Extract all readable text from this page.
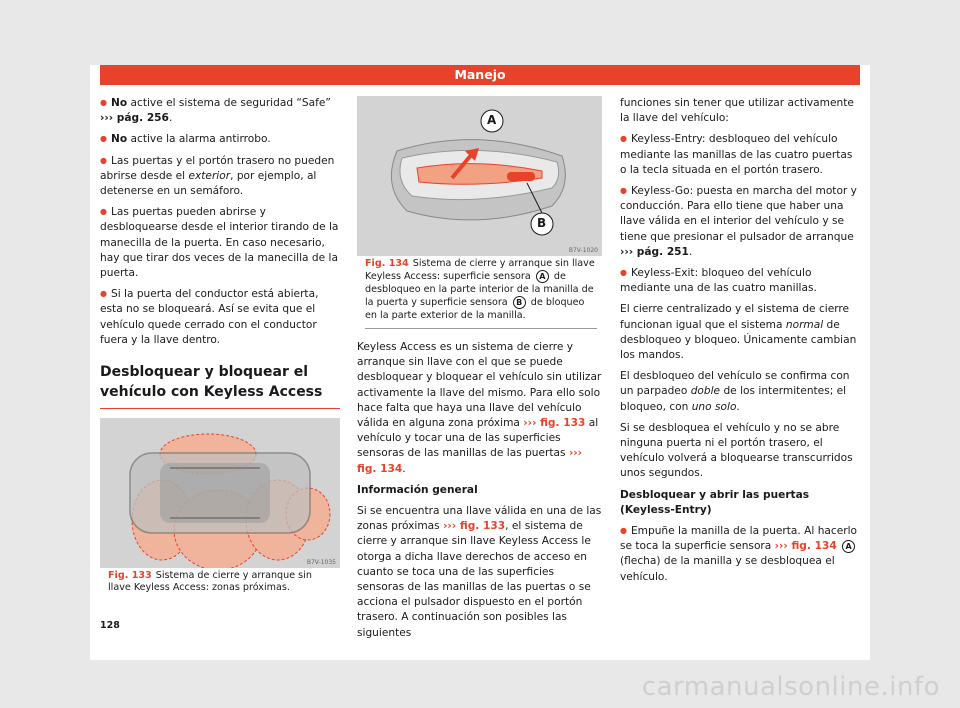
Manejo

● No active el sistema de seguridad “Safe” ››› pág. 256.

● No active la alarma antirrobo.

● Las puertas y el portón trasero no pueden abrirse desde el exterior, por ejemplo, al detenerse en un semáforo.

● Las puertas pueden abrirse y desbloquearse desde el interior tirando de la manecilla de la puerta. En caso necesario, hay que tirar dos veces de la manecilla de la puerta.

● Si la puerta del conductor está abierta, esta no se bloqueará. Así se evita que el vehículo quede cerrado con el conductor fuera y la llave dentro.

Desbloquear y bloquear el vehículo con Keyless Access
B7V-1035
Fig. 133 Sistema de cierre y arranque sin llave Keyless Access: zonas próximas.
A
B
B7V-1020
Fig. 134 Sistema de cierre y arranque sin llave Keyless Access: superficie sensora A de desbloqueo en la parte interior de la manilla de la puerta y superficie sensora B de bloqueo en la parte exterior de la manilla.

Keyless Access es un sistema de cierre y arranque sin llave con el que se puede desbloquear y bloquear el vehículo sin utilizar activamente la llave del mismo. Para ello solo hace falta que haya una llave del vehículo válida en alguna zona próxima ››› fig. 133 al vehículo y tocar una de las superficies sensoras de las manillas de las puertas ››› fig. 134.

Información general

Si se encuentra una llave válida en una de las zonas próximas ››› fig. 133, el sistema de cierre y arranque sin llave Keyless Access le otorga a dicha llave derechos de acceso en cuanto se toca una de las superficies sensoras de las manillas de las puertas o se acciona el pulsador dispuesto en el portón trasero. A continuación son posibles las siguientes

funciones sin tener que utilizar activamente la llave del vehículo:

● Keyless-Entry: desbloqueo del vehículo mediante las manillas de las cuatro puertas o la tecla situada en el portón trasero.

● Keyless-Go: puesta en marcha del motor y conducción. Para ello tiene que haber una llave válida en el interior del vehículo y se tiene que presionar el pulsador de arranque ››› pág. 251.

● Keyless-Exit: bloqueo del vehículo mediante una de las cuatro manillas.

El cierre centralizado y el sistema de cierre funcionan igual que el sistema normal de desbloqueo y bloqueo. Únicamente cambian los mandos.

El desbloqueo del vehículo se confirma con un parpadeo doble de los intermitentes; el bloqueo, con uno solo.

Si se desbloquea el vehículo y no se abre ninguna puerta ni el portón trasero, el vehículo volverá a bloquearse transcurridos unos segundos.

Desbloquear y abrir las puertas (Keyless-Entry)

● Empuñe la manilla de la puerta. Al hacerlo se toca la superficie sensora ››› fig. 134 A (flecha) de la manilla y se desbloquea el vehículo.

128
carmanualsonline.info
